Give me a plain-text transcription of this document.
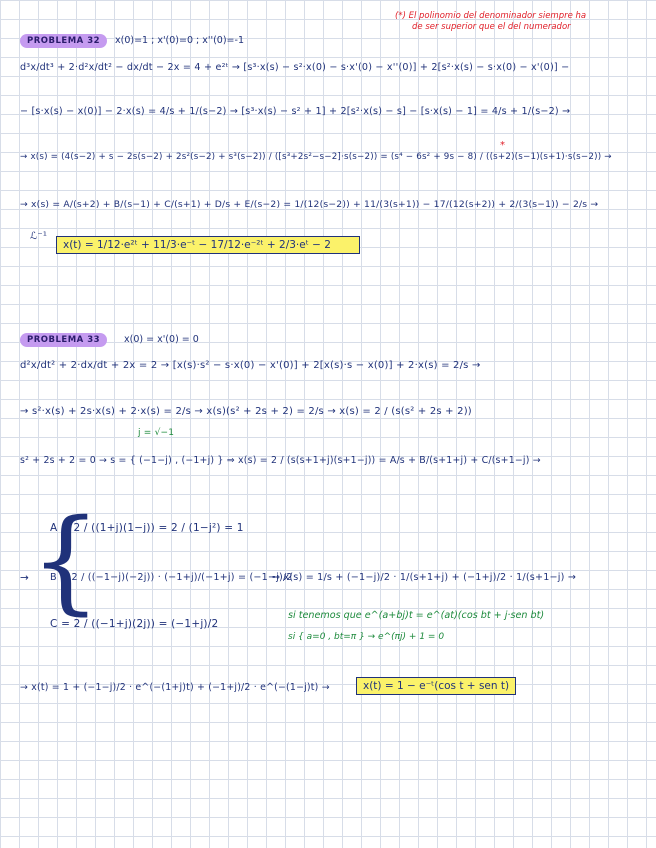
(*) El polinomio del denominador siempre ha
de ser superior que el del numerador
PROBLEMA 32	x(0)=1 ; x'(0)=0 ; x''(0)=-1
d³x/dt³ + 2·d²x/dt² − dx/dt − 2x = 4 + e²ᵗ → [s³·x(s) − s²·x(0) − s·x'(0) − x''(0)] + 2[s²·x(s) − s·x(0) − x'(0)] −
− [s·x(s) − x(0)] − 2·x(s) = 4/s + 1/(s−2) → [s³·x(s) − s² + 1] + 2[s²·x(s) − s] − [s·x(s) − 1] = 4/s + 1/(s−2) →
*
→ x(s) = (4(s−2) + s − 2s(s−2) + 2s²(s−2) + s³(s−2)) / ([s³+2s²−s−2]·s(s−2)) = (s⁴ − 6s² + 9s − 8) / ((s+2)(s−1)(s+1)·s(s−2)) →
→ x(s) = A/(s+2) + B/(s−1) + C/(s+1) + D/s + E/(s−2) = 1/(12(s−2)) + 11/(3(s+1)) − 17/(12(s+2)) + 2/(3(s−1)) − 2/s →
ℒ⁻¹
x(t) = 1/12·e²ᵗ + 11/3·e⁻ᵗ − 17/12·e⁻²ᵗ + 2/3·eᵗ − 2
PROBLEMA 33	x(0) = x'(0) = 0
d²x/dt² + 2·dx/dt + 2x = 2 → [x(s)·s² − s·x(0) − x'(0)] + 2[x(s)·s − x(0)] + 2·x(s) = 2/s →
→ s²·x(s) + 2s·x(s) + 2·x(s) = 2/s → x(s)(s² + 2s + 2) = 2/s → x(s) = 2 / (s(s² + 2s + 2))
j = √−1
s² + 2s + 2 = 0 → s = { (−1−j) , (−1+j) } ⇒ x(s) = 2 / (s(s+1+j)(s+1−j)) = A/s + B/(s+1+j) + C/(s+1−j) →
{
A = 2 / ((1+j)(1−j)) = 2 / (1−j²) = 1
→ B = 2 / ((−1−j)(−2j)) · (−1+j)/(−1+j) = (−1−j)/2
⇒ x(s) = 1/s + (−1−j)/2 · 1/(s+1+j) + (−1+j)/2 · 1/(s+1−j) →
C = 2 / ((−1+j)(2j)) = (−1+j)/2
si tenemos que e^(a+bj)t = e^(at)(cos bt + j·sen bt)
si { a=0 , bt=π } → e^(πj) + 1 = 0
→ x(t) = 1 + (−1−j)/2 · e^(−(1+j)t) + (−1+j)/2 · e^(−(1−j)t) →	x(t) = 1 − e⁻ᵗ(cos t + sen t)
